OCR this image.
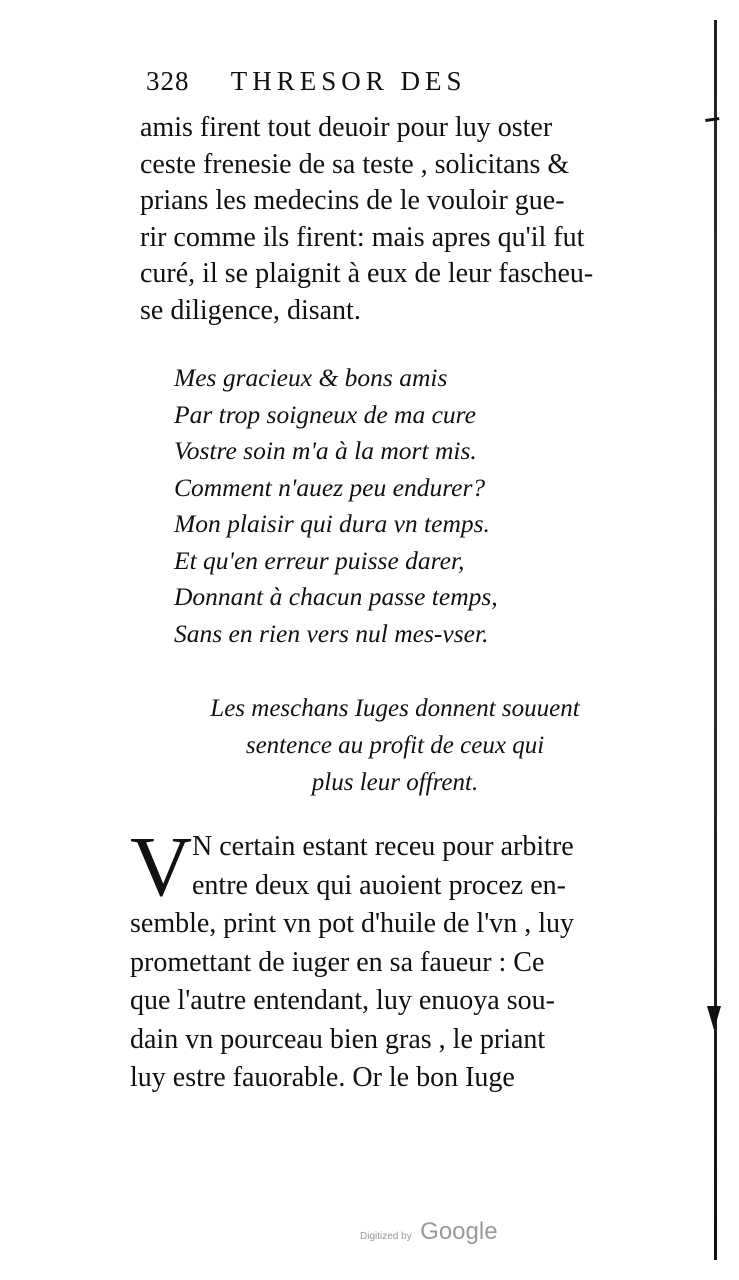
328 THRESOR DES
amis firent tout deuoir pour luy oster
ceste frenesie de sa teste , solicitans &
prians les medecins de le vouloir gue-
rir comme ils firent: mais apres qu'il fut
curé, il se plaignit à eux de leur fascheu-
se diligence, disant.
Mes gracieux & bons amis
Par trop soigneux de ma cure
Vostre soin m'a à la mort mis.
Comment n'auez peu endurer?
Mon plaisir qui dura vn temps.
Et qu'en erreur puisse darer,
Donnant à chacun passe temps,
Sans en rien vers nul mes-vser.
Les meschans Iuges donnent souuent
sentence au profit de ceux qui
plus leur offrent.
V N certain estant receu pour arbitre
entre deux qui auoient procez en-
semble, print vn pot d'huile de l'vn , luy
promettant de iuger en sa faueur : Ce
que l'autre entendant, luy enuoya sou-
dain vn pourceau bien gras , le priant
luy estre fauorable. Or le bon Iuge
Digitized by Google
